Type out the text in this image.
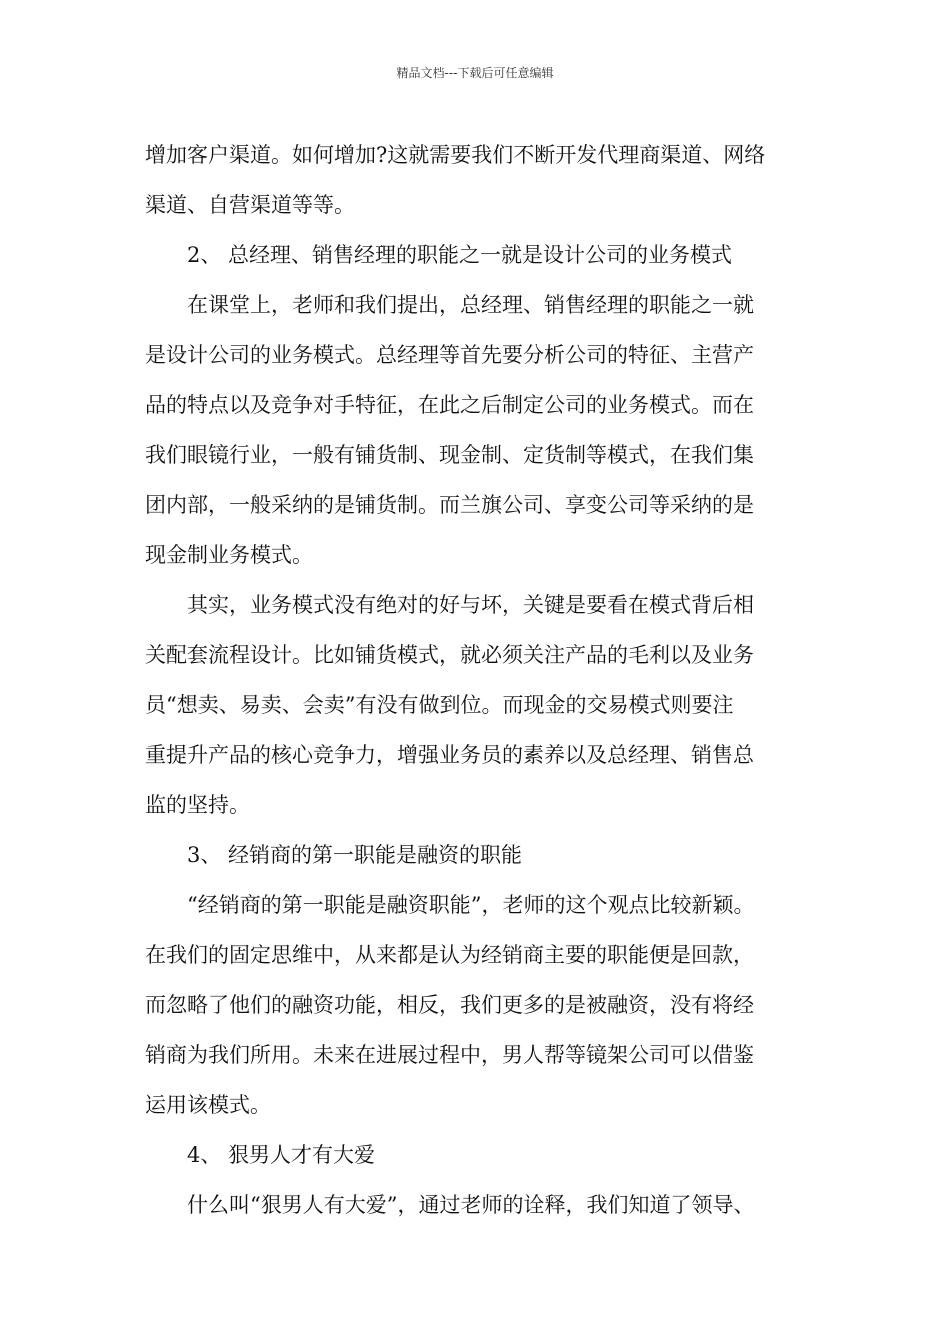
精品文档---下载后可任意编辑
增加客户渠道。如何增加?这就需要我们不断开发代理商渠道、网络
渠道、自营渠道等等。
2、 总经理、销售经理的职能之一就是设计公司的业务模式
在课堂上，老师和我们提出，总经理、销售经理的职能之一就
是设计公司的业务模式。总经理等首先要分析公司的特征、主营产
品的特点以及竞争对手特征，在此之后制定公司的业务模式。而在
我们眼镜行业，一般有铺货制、现金制、定货制等模式，在我们集
团内部，一般采纳的是铺货制。而兰旗公司、享变公司等采纳的是
现金制业务模式。
其实，业务模式没有绝对的好与坏，关键是要看在模式背后相
关配套流程设计。比如铺货模式，就必须关注产品的毛利以及业务
员“想卖、易卖、会卖”有没有做到位。而现金的交易模式则要注
重提升产品的核心竞争力，增强业务员的素养以及总经理、销售总
监的坚持。
3、 经销商的第一职能是融资的职能
“经销商的第一职能是融资职能”，老师的这个观点比较新颖。
在我们的固定思维中，从来都是认为经销商主要的职能便是回款，
而忽略了他们的融资功能，相反，我们更多的是被融资，没有将经
销商为我们所用。未来在进展过程中，男人帮等镜架公司可以借鉴
运用该模式。
4、 狠男人才有大爱
什么叫“狠男人有大爱”，通过老师的诠释，我们知道了领导、
